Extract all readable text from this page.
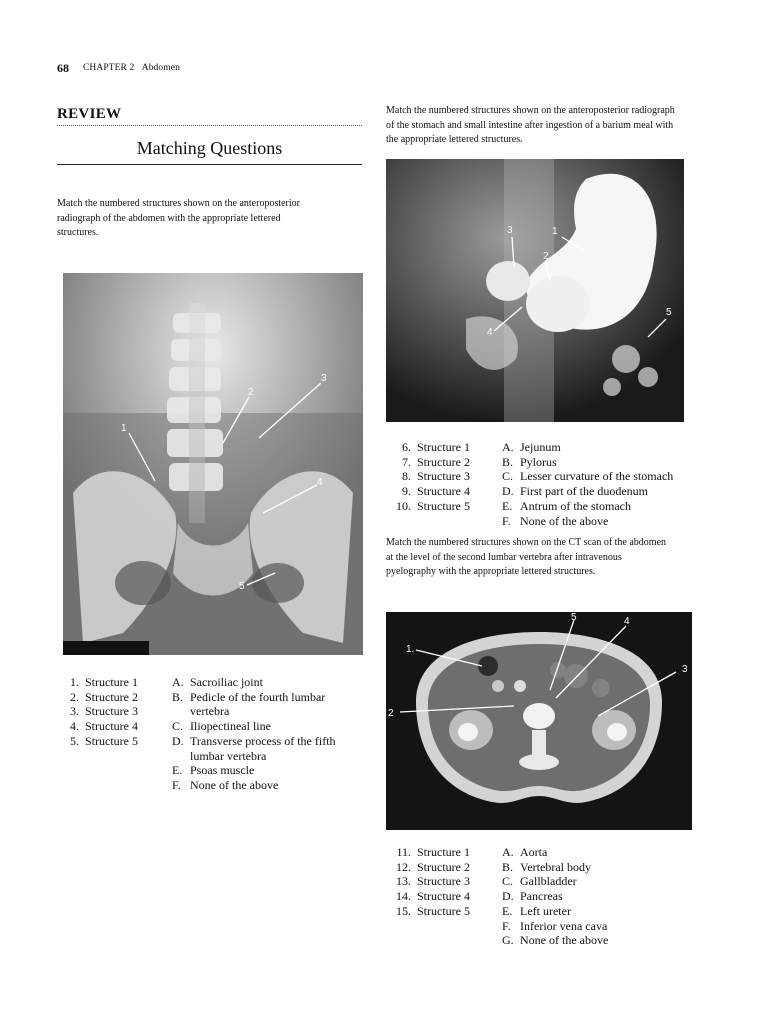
68 CHAPTER 2 Abdomen
REVIEW
Matching Questions
Match the numbered structures shown on the anteroposterior radiograph of the abdomen with the appropriate lettered structures.
1
2
3
4
5
1. Structure 1
2. Structure 2
3. Structure 3
4. Structure 4
5. Structure 5
A. Sacroiliac joint
B. Pedicle of the fourth lumbar vertebra
C. Iliopectineal line
D. Transverse process of the fifth lumbar vertebra
E. Psoas muscle
F. None of the above
Match the numbered structures shown on the anteroposterior radiograph of the stomach and small intestine after ingestion of a barium meal with the appropriate lettered structures.
1
2
3
4
5
6. Structure 1
7. Structure 2
8. Structure 3
9. Structure 4
10. Structure 5
A. Jejunum
B. Pylorus
C. Lesser curvature of the stomach
D. First part of the duodenum
E. Antrum of the stomach
F. None of the above
Match the numbered structures shown on the CT scan of the abdomen at the level of the second lumbar vertebra after intravenous pyelography with the appropriate lettered structures.
1.
2
3
4
5
11. Structure 1
12. Structure 2
13. Structure 3
14. Structure 4
15. Structure 5
A. Aorta
B. Vertebral body
C. Gallbladder
D. Pancreas
E. Left ureter
F. Inferior vena cava
G. None of the above
